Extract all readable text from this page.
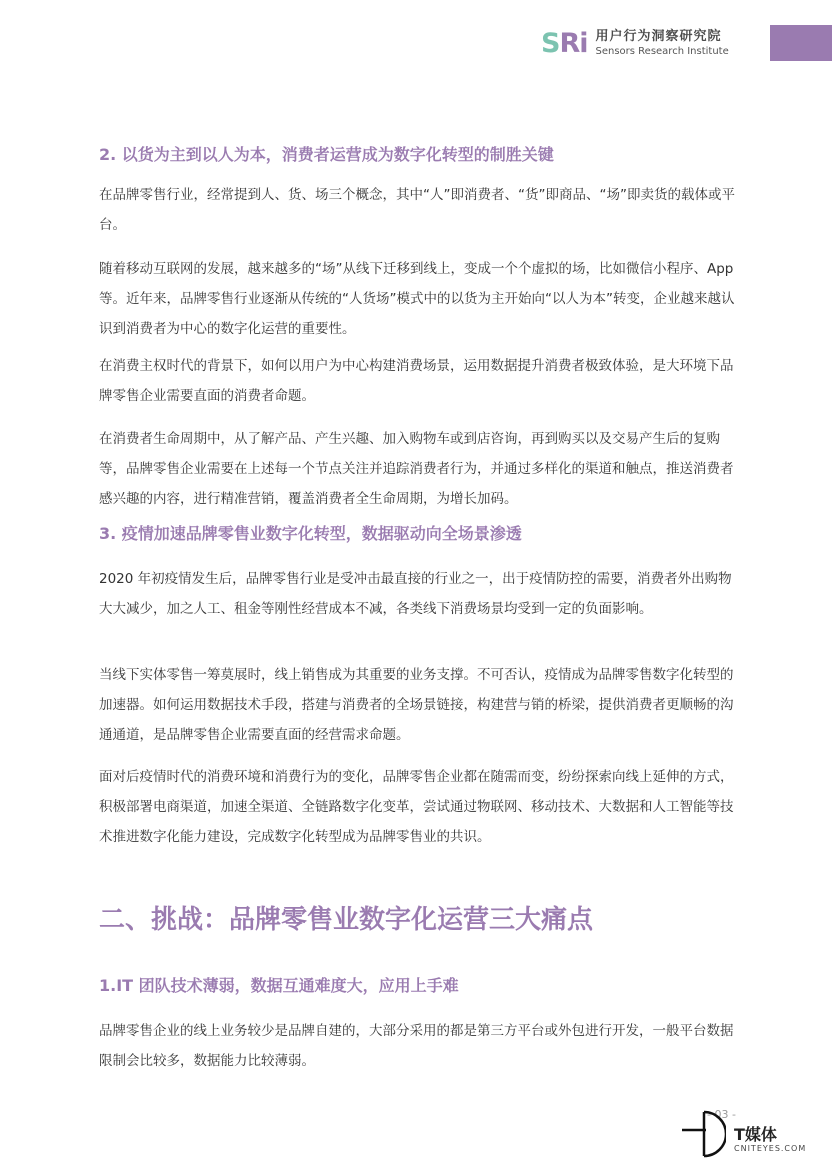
SRi 用户行为洞察研究院
Sensors Research Institute
2. 以货为主到以人为本，消费者运营成为数字化转型的制胜关键

在品牌零售行业，经常提到人、货、场三个概念，其中“人”即消费者、“货”即商品、“场”即卖货的载体或平台。

随着移动互联网的发展，越来越多的“场”从线下迁移到线上，变成一个个虚拟的场，比如微信小程序、App 等。近年来，品牌零售行业逐渐从传统的“人货场”模式中的以货为主开始向“以人为本”转变，企业越来越认识到消费者为中心的数字化运营的重要性。

在消费主权时代的背景下，如何以用户为中心构建消费场景，运用数据提升消费者极致体验，是大环境下品牌零售企业需要直面的消费者命题。

在消费者生命周期中，从了解产品、产生兴趣、加入购物车或到店咨询，再到购买以及交易产生后的复购等，品牌零售企业需要在上述每一个节点关注并追踪消费者行为，并通过多样化的渠道和触点，推送消费者感兴趣的内容，进行精准营销，覆盖消费者全生命周期，为增长加码。

3. 疫情加速品牌零售业数字化转型，数据驱动向全场景渗透

2020 年初疫情发生后，品牌零售行业是受冲击最直接的行业之一，出于疫情防控的需要，消费者外出购物大大减少，加之人工、租金等刚性经营成本不减，各类线下消费场景均受到一定的负面影响。

当线下实体零售一筹莫展时，线上销售成为其重要的业务支撑。不可否认，疫情成为品牌零售数字化转型的加速器。如何运用数据技术手段，搭建与消费者的全场景链接，构建营与销的桥梁，提供消费者更顺畅的沟通通道，是品牌零售企业需要直面的经营需求命题。

面对后疫情时代的消费环境和消费行为的变化，品牌零售企业都在随需而变，纷纷探索向线上延伸的方式，积极部署电商渠道，加速全渠道、全链路数字化变革，尝试通过物联网、移动技术、大数据和人工智能等技术推进数字化能力建设，完成数字化转型成为品牌零售业的共识。

二、挑战：品牌零售业数字化运营三大痛点
1.IT 团队技术薄弱，数据互通难度大，应用上手难

品牌零售企业的线上业务较少是品牌自建的，大部分采用的都是第三方平台或外包进行开发，一般平台数据限制会比较多，数据能力比较薄弱。

- 03 -
T媒体
CNITEYES.COM
